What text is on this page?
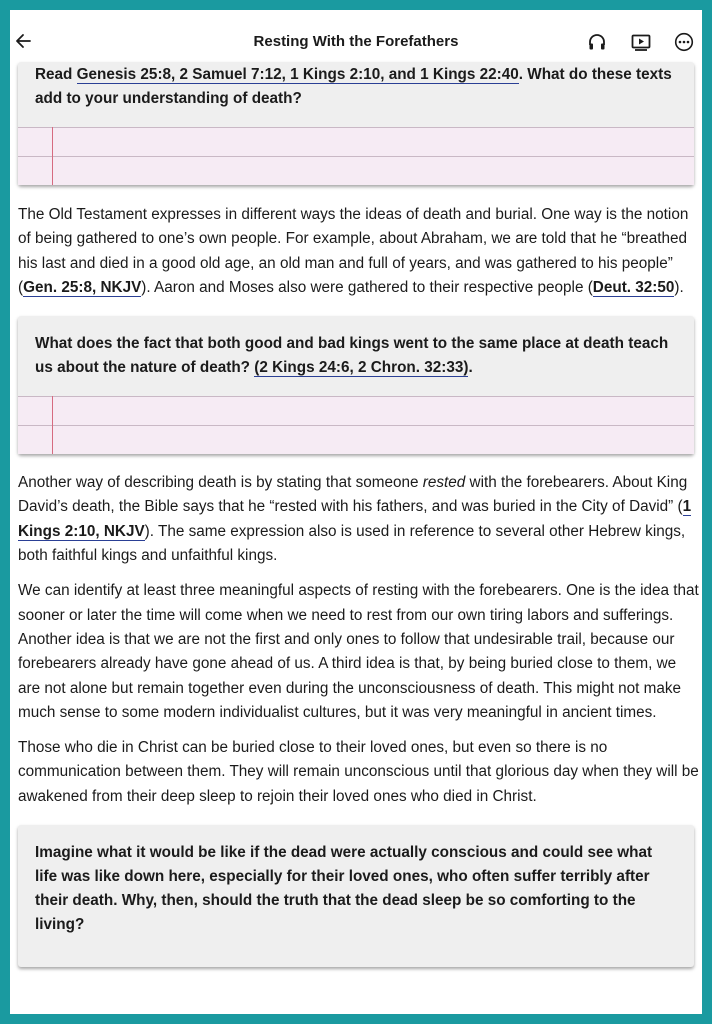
Resting With the Forefathers
Read Genesis 25:8, 2 Samuel 7:12, 1 Kings 2:10, and 1 Kings 22:40. What do these texts add to your understanding of death?
The Old Testament expresses in different ways the ideas of death and burial. One way is the notion of being gathered to one’s own people. For example, about Abraham, we are told that he “breathed his last and died in a good old age, an old man and full of years, and was gathered to his people” (Gen. 25:8, NKJV). Aaron and Moses also were gathered to their respective people (Deut. 32:50).
What does the fact that both good and bad kings went to the same place at death teach us about the nature of death? (2 Kings 24:6, 2 Chron. 32:33).
Another way of describing death is by stating that someone rested with the forebearers. About King David’s death, the Bible says that he “rested with his fathers, and was buried in the City of David” (1 Kings 2:10, NKJV). The same expression also is used in reference to several other Hebrew kings, both faithful kings and unfaithful kings.
We can identify at least three meaningful aspects of resting with the forebearers. One is the idea that sooner or later the time will come when we need to rest from our own tiring labors and sufferings. Another idea is that we are not the first and only ones to follow that undesirable trail, because our forebearers already have gone ahead of us. A third idea is that, by being buried close to them, we are not alone but remain together even during the unconsciousness of death. This might not make much sense to some modern individualist cultures, but it was very meaningful in ancient times.
Those who die in Christ can be buried close to their loved ones, but even so there is no communication between them. They will remain unconscious until that glorious day when they will be awakened from their deep sleep to rejoin their loved ones who died in Christ.
Imagine what it would be like if the dead were actually conscious and could see what life was like down here, especially for their loved ones, who often suffer terribly after their death. Why, then, should the truth that the dead sleep be so comforting to the living?
